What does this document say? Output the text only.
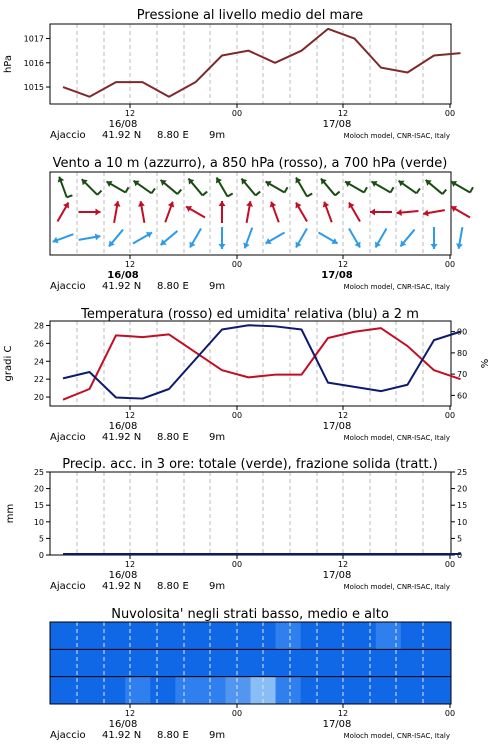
Pressione al livello medio del mare
1015
1016
1017
hPa
12	00	12	00
16/08	17/08
Ajaccio 41.92 N 8.80 E 9m	Moloch model, CNR-ISAC, Italy
Vento a 10 m (azzurro), a 850 hPa (rosso), a 700 hPa (verde)
12	00	12	00
16/08	17/08
Ajaccio 41.92 N 8.80 E 9m	Moloch model, CNR-ISAC, Italy
Temperatura (rosso) ed umidita' relativa (blu) a 2 m
20
22
24
26
28
gradi C
60
70
80
90
%
12	00	12	00
16/08	17/08
Ajaccio 41.92 N 8.80 E 9m	Moloch model, CNR-ISAC, Italy
Precip. acc. in 3 ore: totale (verde), frazione solida (tratt.)
0
5
10
15
20
25
mm
0
5
10
15
20
25
12	00	12	00
16/08	17/08
Ajaccio 41.92 N 8.80 E 9m	Moloch model, CNR-ISAC, Italy
Nuvolosita' negli strati basso, medio e alto
12	00	12	00
16/08	17/08
Ajaccio 41.92 N 8.80 E 9m	Moloch model, CNR-ISAC, Italy
